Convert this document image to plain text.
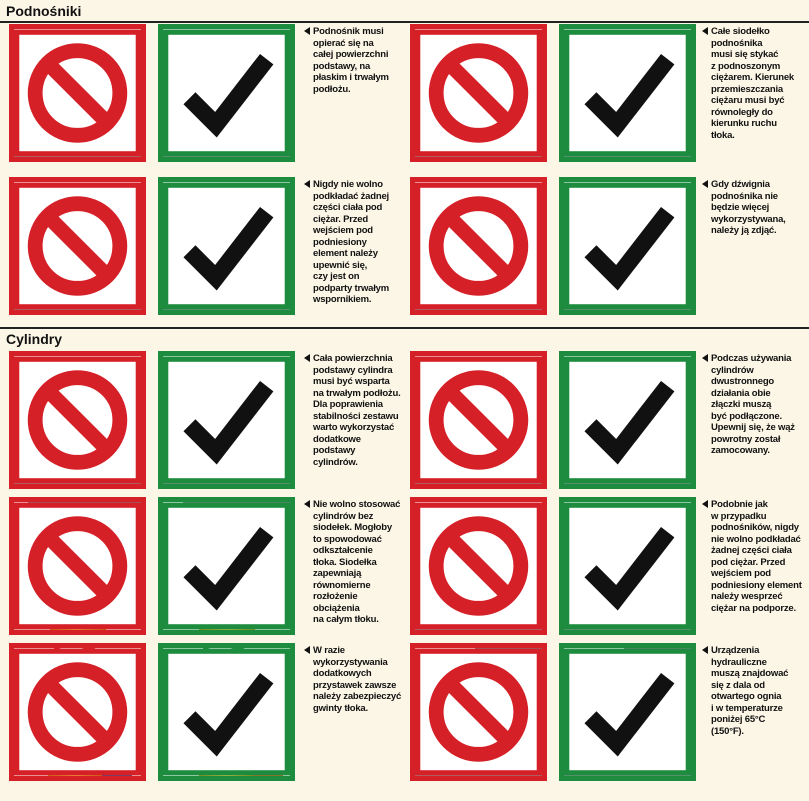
Podnośniki
Podnośnik musi
opierać się na
całej powierzchni
podstawy, na
płaskim i trwałym
podłożu.
Całe siodełko
podnośnika
musi się stykać
z podnoszonym
ciężarem. Kierunek
przemieszczania
ciężaru musi być
równoległy do
kierunku ruchu
tłoka.
Nigdy nie wolno
podkładać żadnej
części ciała pod
ciężar. Przed
wejściem pod
podniesiony
element należy
upewnić się,
czy jest on
podparty trwałym
wspornikiem.
Gdy dźwignia
podnośnika nie
będzie więcej
wykorzystywana,
należy ją zdjąć.
Cylindry
Cała powierzchnia
podstawy cylindra
musi być wsparta
na trwałym podłożu.
Dla poprawienia
stabilności zestawu
warto wykorzystać
dodatkowe
podstawy
cylindrów.
Podczas używania
cylindrów
dwustronnego
działania obie
złączki muszą
być podłączone.
Upewnij się, że wąż
powrotny został
zamocowany.
Nie wolno stosować
cylindrów bez
siodełek. Mogłoby
to spowodować
odkształcenie
tłoka. Siodełka
zapewniają
równomierne
rozłożenie
obciążenia
na całym tłoku.
Podobnie jak
w przypadku
podnośników, nigdy
nie wolno podkładać
żadnej części ciała
pod ciężar. Przed
wejściem pod
podniesiony element
należy wesprzeć
ciężar na podporze.
W razie
wykorzystywania
dodatkowych
przystawek zawsze
należy zabezpieczyć
gwinty tłoka.
Urządzenia
hydrauliczne
muszą znajdować
się z dala od
otwartego ognia
i w temperaturze
poniżej 65°C
(150°F).
